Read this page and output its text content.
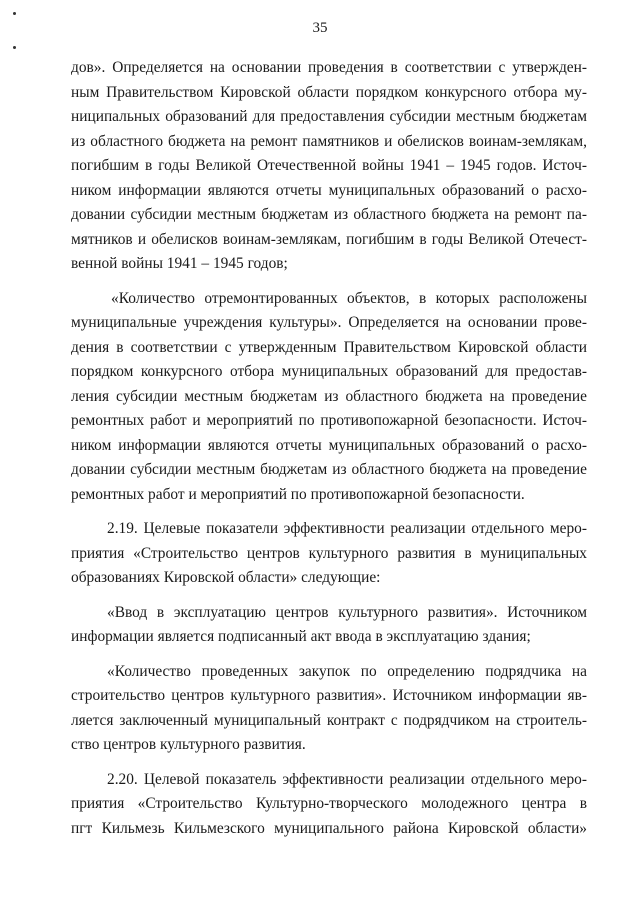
35
дов». Определяется на основании проведения в соответствии с утвержден-
ным Правительством Кировской области порядком конкурсного отбора му-
ниципальных образований для предоставления субсидии местным бюджетам
из областного бюджета на ремонт памятников и обелисков воинам-землякам,
погибшим в годы Великой Отечественной войны 1941 – 1945 годов. Источ-
ником информации являются отчеты муниципальных образований о расхо-
довании субсидии местным бюджетам из областного бюджета на ремонт па-
мятников и обелисков воинам-землякам, погибшим в годы Великой Отечест-
венной войны 1941 – 1945 годов;
«Количество отремонтированных объектов, в которых расположены
муниципальные учреждения культуры». Определяется на основании прове-
дения в соответствии с утвержденным Правительством Кировской области
порядком конкурсного отбора муниципальных образований для предостав-
ления субсидии местным бюджетам из областного бюджета на проведение
ремонтных работ и мероприятий по противопожарной безопасности. Источ-
ником информации являются отчеты муниципальных образований о расхо-
довании субсидии местным бюджетам из областного бюджета на проведение
ремонтных работ и мероприятий по противопожарной безопасности.
2.19. Целевые показатели эффективности реализации отдельного меро-
приятия «Строительство центров культурного развития в муниципальных
образованиях Кировской области» следующие:
«Ввод в эксплуатацию центров культурного развития». Источником
информации является подписанный акт ввода в эксплуатацию здания;
«Количество проведенных закупок по определению подрядчика на
строительство центров культурного развития». Источником информации яв-
ляется заключенный муниципальный контракт с подрядчиком на строитель-
ство центров культурного развития.
2.20. Целевой показатель эффективности реализации отдельного меро-
приятия «Строительство Культурно-творческого молодежного центра в
пгт Кильмезь Кильмезского муниципального района Кировской области»
